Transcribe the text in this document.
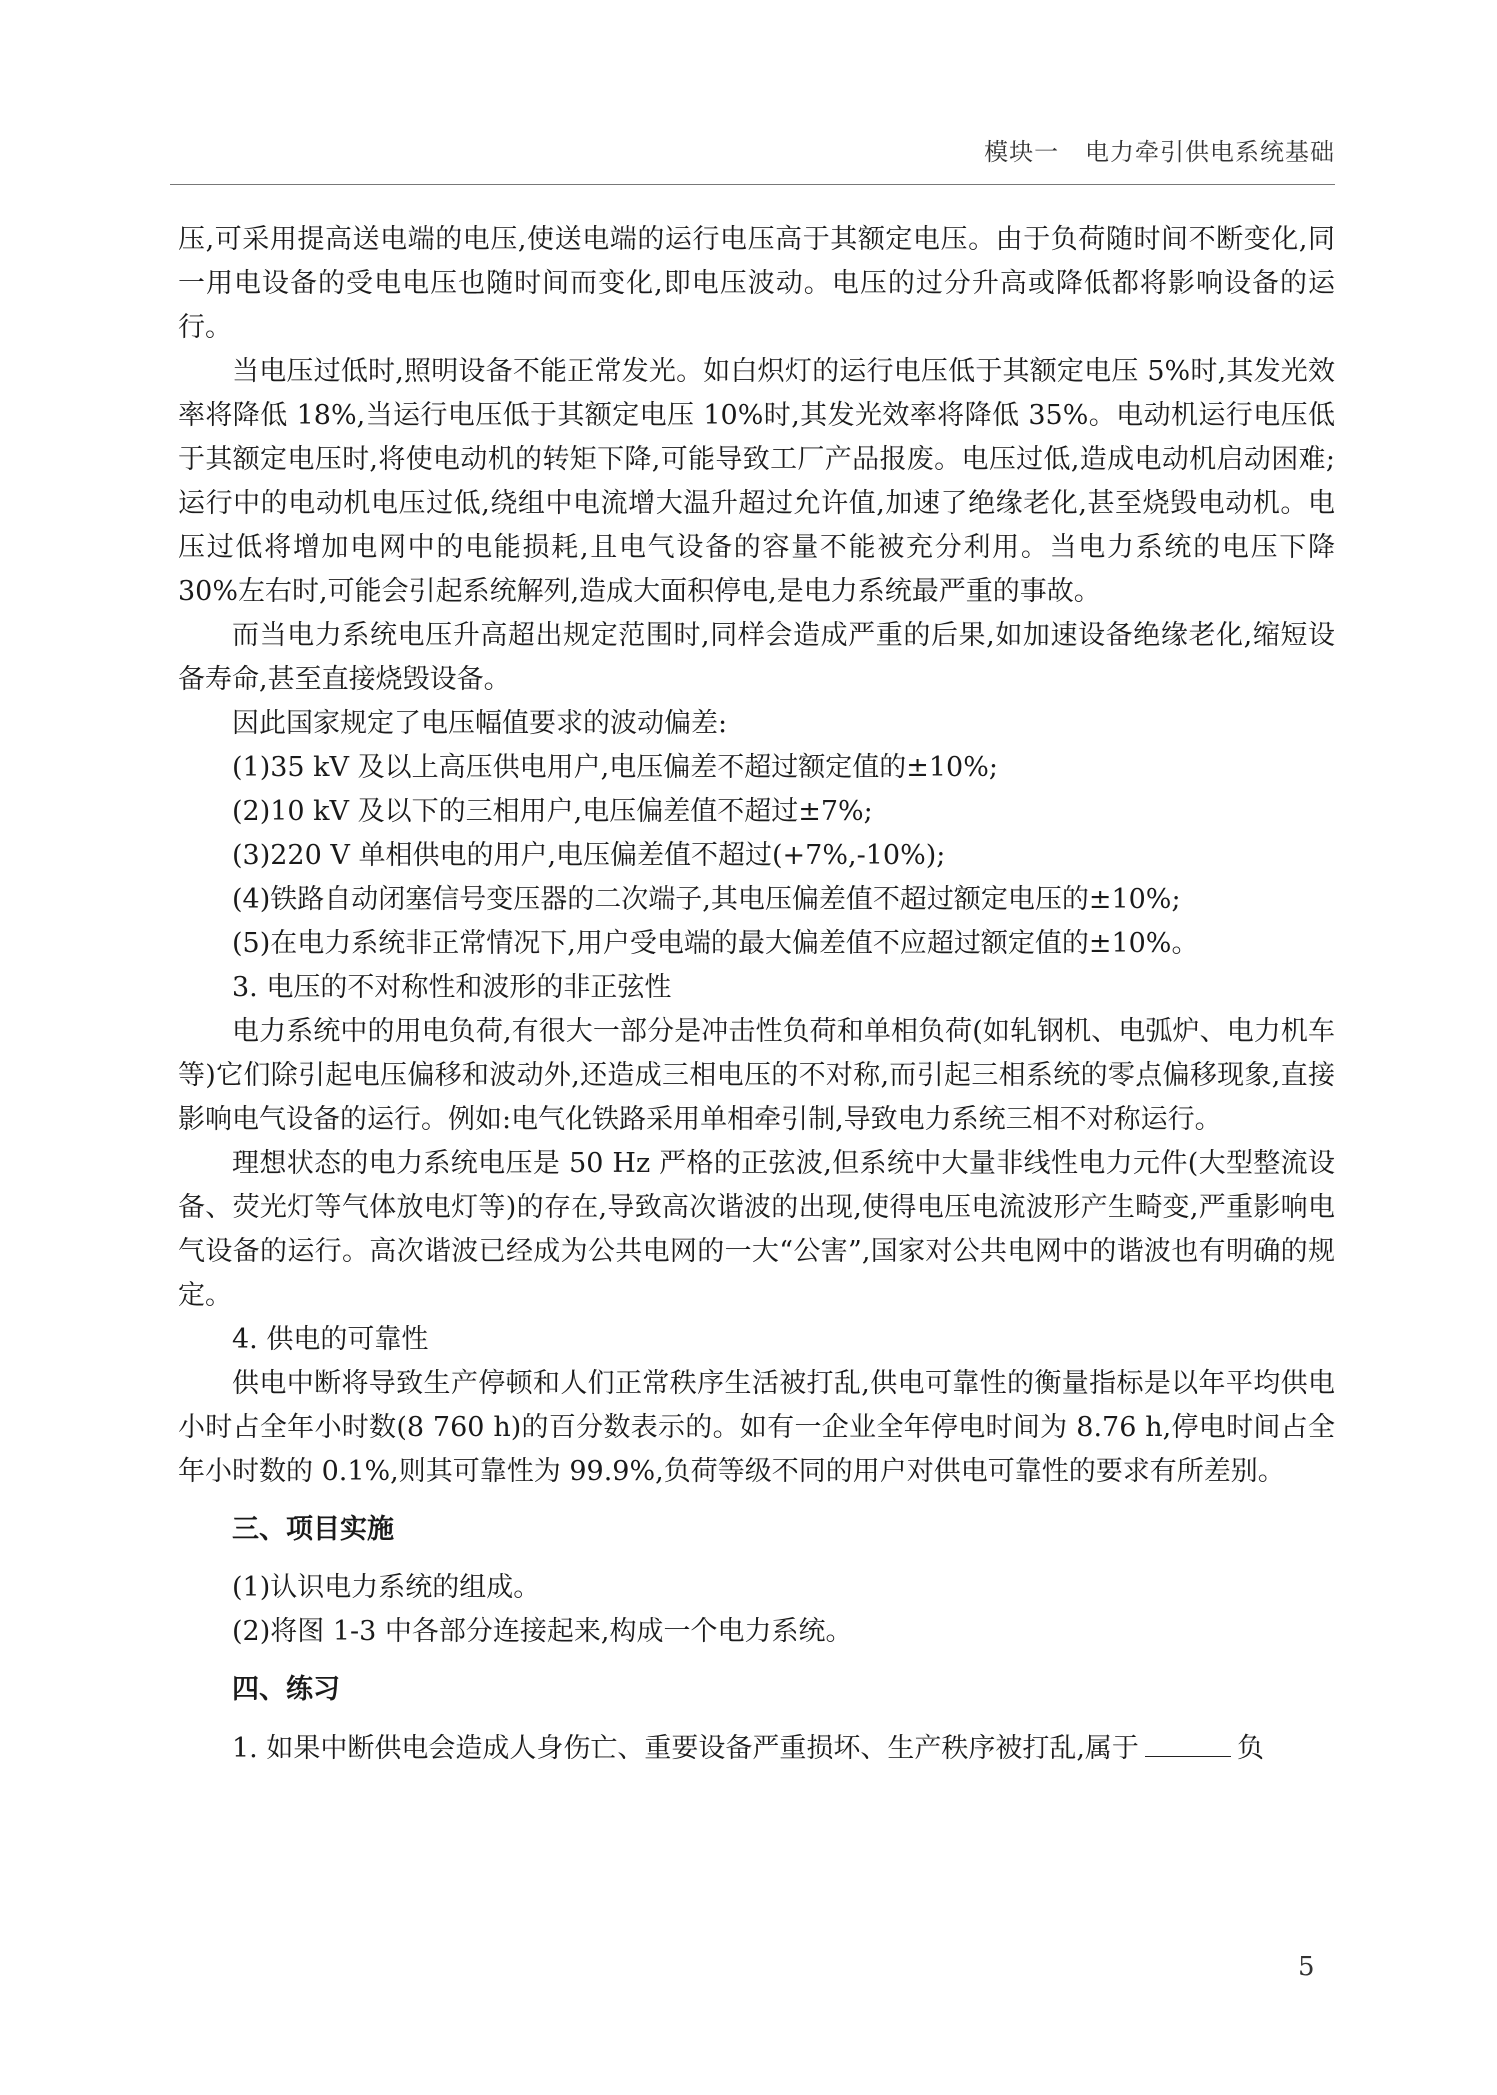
模块一   电力牵引供电系统基础

压,可采用提高送电端的电压,使送电端的运行电压高于其额定电压。由于负荷随时间不断变化,同一用电设备的受电电压也随时间而变化,即电压波动。电压的过分升高或降低都将影响设备的运行。

当电压过低时,照明设备不能正常发光。如白炽灯的运行电压低于其额定电压 5%时,其发光效率将降低 18%,当运行电压低于其额定电压 10%时,其发光效率将降低 35%。电动机运行电压低于其额定电压时,将使电动机的转矩下降,可能导致工厂产品报废。电压过低,造成电动机启动困难;运行中的电动机电压过低,绕组中电流增大温升超过允许值,加速了绝缘老化,甚至烧毁电动机。电压过低将增加电网中的电能损耗,且电气设备的容量不能被充分利用。当电力系统的电压下降 30%左右时,可能会引起系统解列,造成大面积停电,是电力系统最严重的事故。

而当电力系统电压升高超出规定范围时,同样会造成严重的后果,如加速设备绝缘老化,缩短设备寿命,甚至直接烧毁设备。

因此国家规定了电压幅值要求的波动偏差:

(1)35 kV 及以上高压供电用户,电压偏差不超过额定值的±10%;

(2)10 kV 及以下的三相用户,电压偏差值不超过±7%;

(3)220 V 单相供电的用户,电压偏差值不超过(+7%,-10%);

(4)铁路自动闭塞信号变压器的二次端子,其电压偏差值不超过额定电压的±10%;

(5)在电力系统非正常情况下,用户受电端的最大偏差值不应超过额定值的±10%。

3. 电压的不对称性和波形的非正弦性

电力系统中的用电负荷,有很大一部分是冲击性负荷和单相负荷(如轧钢机、电弧炉、电力机车等)它们除引起电压偏移和波动外,还造成三相电压的不对称,而引起三相系统的零点偏移现象,直接影响电气设备的运行。例如:电气化铁路采用单相牵引制,导致电力系统三相不对称运行。

理想状态的电力系统电压是 50 Hz 严格的正弦波,但系统中大量非线性电力元件(大型整流设备、荧光灯等气体放电灯等)的存在,导致高次谐波的出现,使得电压电流波形产生畸变,严重影响电气设备的运行。高次谐波已经成为公共电网的一大“公害”,国家对公共电网中的谐波也有明确的规定。

4. 供电的可靠性

供电中断将导致生产停顿和人们正常秩序生活被打乱,供电可靠性的衡量指标是以年平均供电小时占全年小时数(8 760 h)的百分数表示的。如有一企业全年停电时间为 8.76 h,停电时间占全年小时数的 0.1%,则其可靠性为 99.9%,负荷等级不同的用户对供电可靠性的要求有所差别。

三、项目实施

(1)认识电力系统的组成。

(2)将图 1-3 中各部分连接起来,构成一个电力系统。

四、练习

1. 如果中断供电会造成人身伤亡、重要设备严重损坏、生产秩序被打乱,属于	负

5
